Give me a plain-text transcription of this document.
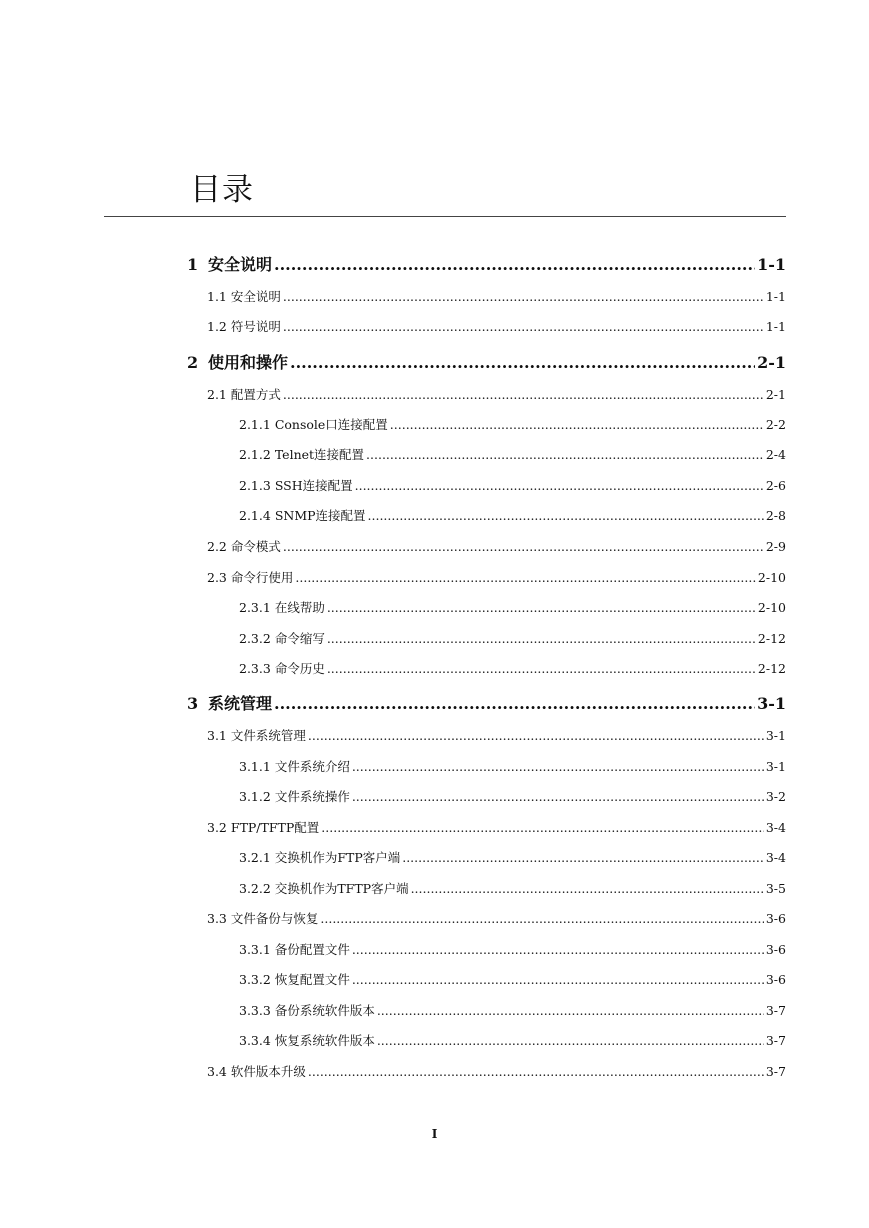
目录
1 安全说明 .....	1-1
1.1 安全说明 .....	1-1
1.2 符号说明 .....	1-1
2 使用和操作 .....	2-1
2.1 配置方式 .....	2-1
2.1.1 Console口连接配置 .....	2-2
2.1.2 Telnet连接配置 .....	2-4
2.1.3 SSH连接配置 .....	2-6
2.1.4 SNMP连接配置 .....	2-8
2.2 命令模式 .....	2-9
2.3 命令行使用 .....	2-10
2.3.1 在线帮助 .....	2-10
2.3.2 命令缩写 .....	2-12
2.3.3 命令历史 .....	2-12
3 系统管理 .....	3-1
3.1 文件系统管理 .....	3-1
3.1.1 文件系统介绍 .....	3-1
3.1.2 文件系统操作 .....	3-2
3.2 FTP/TFTP配置 .....	3-4
3.2.1 交换机作为FTP客户端 .....	3-4
3.2.2 交换机作为TFTP客户端 .....	3-5
3.3 文件备份与恢复 .....	3-6
3.3.1 备份配置文件 .....	3-6
3.3.2 恢复配置文件 .....	3-6
3.3.3 备份系统软件版本 .....	3-7
3.3.4 恢复系统软件版本 .....	3-7
3.4 软件版本升级 .....	3-7
I
